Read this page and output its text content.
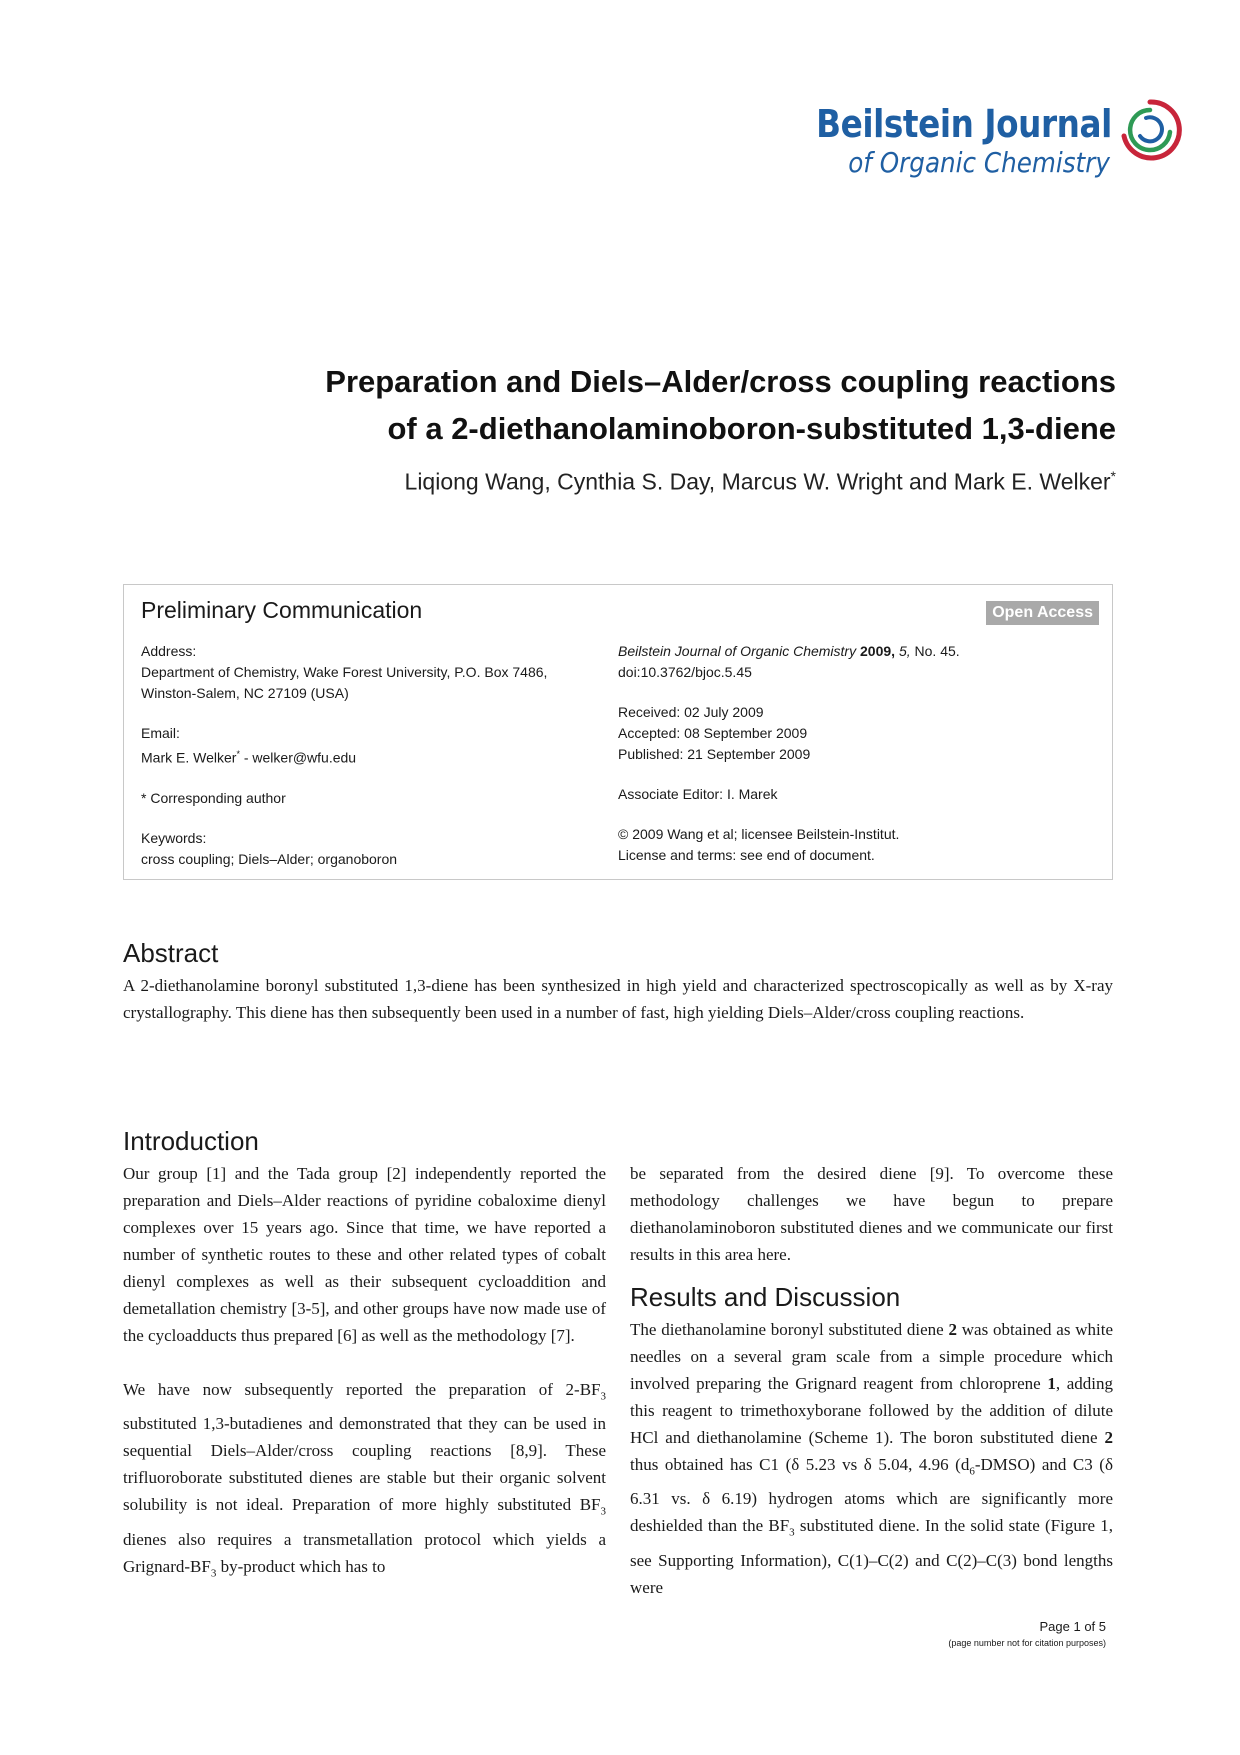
Beilstein Journal
of Organic Chemistry
Preparation and Diels–Alder/cross coupling reactions
of a 2-diethanolaminoboron-substituted 1,3-diene
Liqiong Wang, Cynthia S. Day, Marcus W. Wright and Mark E. Welker*
Preliminary Communication	Open Access

Address:
Department of Chemistry, Wake Forest University, P.O. Box 7486,
Winston-Salem, NC 27109 (USA)

Email:
Mark E. Welker* - welker@wfu.edu

* Corresponding author

Keywords:
cross coupling; Diels–Alder; organoboron

Beilstein Journal of Organic Chemistry 2009, 5, No. 45.
doi:10.3762/bjoc.5.45

Received: 02 July 2009
Accepted: 08 September 2009
Published: 21 September 2009

Associate Editor: I. Marek

© 2009 Wang et al; licensee Beilstein-Institut.
License and terms: see end of document.

Abstract
A 2-diethanolamine boronyl substituted 1,3-diene has been synthesized in high yield and characterized spectroscopically as well as by X-ray crystallography. This diene has then subsequently been used in a number of fast, high yielding Diels–Alder/cross coupling reactions.
Introduction

Our group [1] and the Tada group [2] independently reported the preparation and Diels–Alder reactions of pyridine cobaloxime dienyl complexes over 15 years ago. Since that time, we have reported a number of synthetic routes to these and other related types of cobalt dienyl complexes as well as their subsequent cycloaddition and demetallation chemistry [3-5], and other groups have now made use of the cycloadducts thus prepared [6] as well as the methodology [7].

We have now subsequently reported the preparation of $2-BF_3$ substituted 1,3-butadienes and demonstrated that they can be used in sequential Diels–Alder/cross coupling reactions [8,9]. These trifluoroborate substituted dienes are stable but their organic solvent solubility is not ideal. Preparation of more highly substituted $BF_3$ dienes also requires a transmetallation protocol which yields a Grignard-$BF_3$ by-product which has to

be separated from the desired diene [9]. To overcome these methodology challenges we have begun to prepare diethanolaminoboron substituted dienes and we communicate our first results in this area here.

Results and Discussion

The diethanolamine boronyl substituted diene 2 was obtained as white needles on a several gram scale from a simple procedure which involved preparing the Grignard reagent from chloroprene 1, adding this reagent to trimethoxyborane followed by the addition of dilute HCl and diethanolamine (Scheme 1). The boron substituted diene 2 thus obtained has C1 (δ 5.23 vs δ 5.04, 4.96 $(d_6-DMSO)$ and C3 (δ 6.31 vs. δ 6.19) hydrogen atoms which are significantly more deshielded than the $BF_3$ substituted diene. In the solid state (Figure 1, see Supporting Information), C(1)–C(2) and C(2)–C(3) bond lengths were

Page 1 of 5
(page number not for citation purposes)
